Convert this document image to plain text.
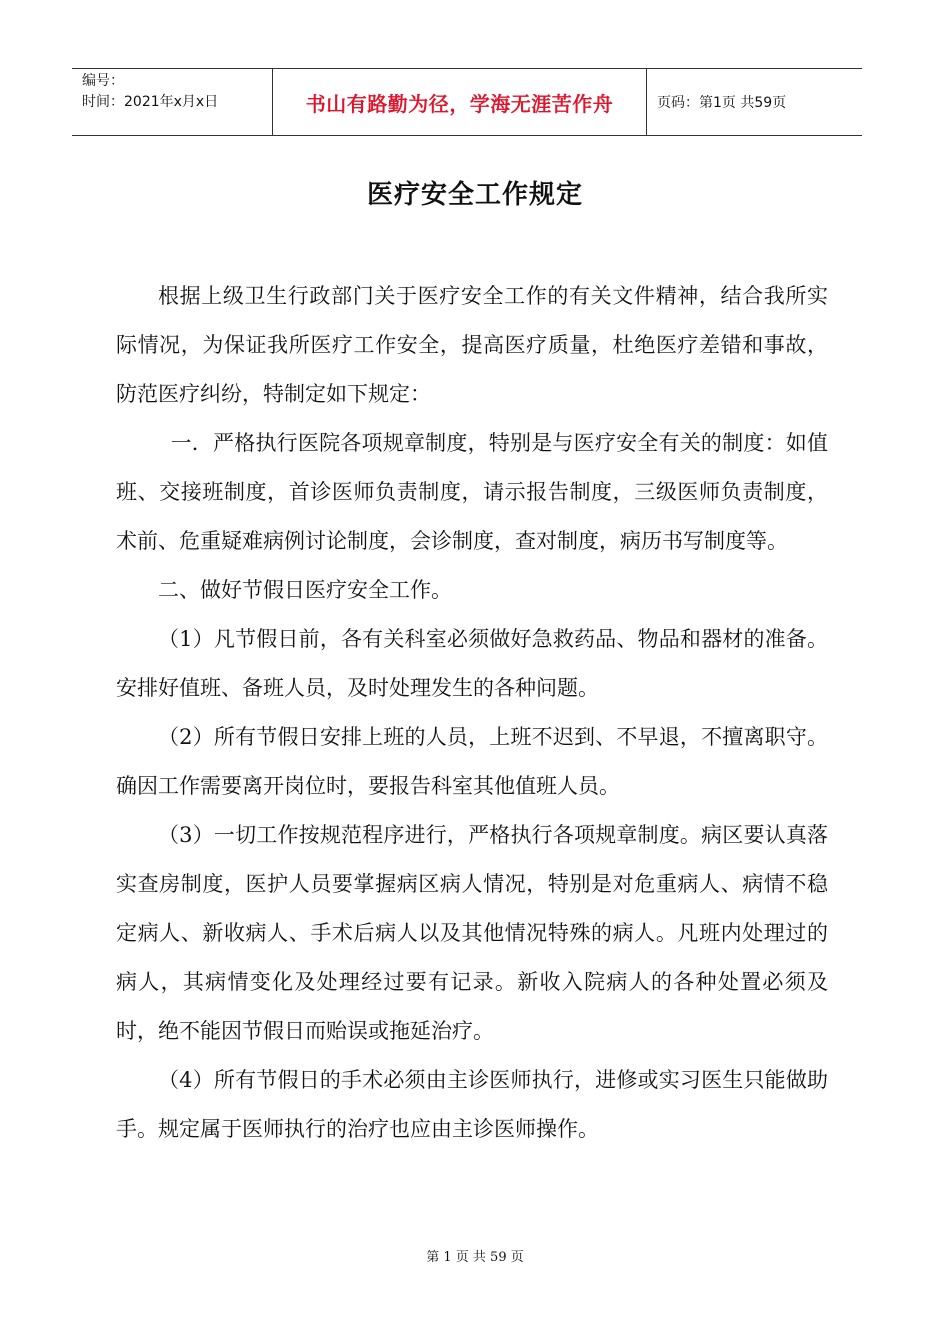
编号：
时间：2021年x月x日	书山有路勤为径，学海无涯苦作舟	页码：第1页 共59页
医疗安全工作规定

根据上级卫生行政部门关于医疗安全工作的有关文件精神，结合我所实际情况，为保证我所医疗工作安全，提高医疗质量，杜绝医疗差错和事故，防范医疗纠纷，特制定如下规定：

一．严格执行医院各项规章制度，特别是与医疗安全有关的制度：如值班、交接班制度，首诊医师负责制度，请示报告制度，三级医师负责制度，术前、危重疑难病例讨论制度，会诊制度，查对制度，病历书写制度等。

二、做好节假日医疗安全工作。

（1）凡节假日前，各有关科室必须做好急救药品、物品和器材的准备。安排好值班、备班人员，及时处理发生的各种问题。

（2）所有节假日安排上班的人员，上班不迟到、不早退，不擅离职守。确因工作需要离开岗位时，要报告科室其他值班人员。

（3）一切工作按规范程序进行，严格执行各项规章制度。病区要认真落实查房制度，医护人员要掌握病区病人情况，特别是对危重病人、病情不稳定病人、新收病人、手术后病人以及其他情况特殊的病人。凡班内处理过的病人，其病情变化及处理经过要有记录。新收入院病人的各种处置必须及时，绝不能因节假日而贻误或拖延治疗。

（4）所有节假日的手术必须由主诊医师执行，进修或实习医生只能做助手。规定属于医师执行的治疗也应由主诊医师操作。

第 1 页 共 59 页
